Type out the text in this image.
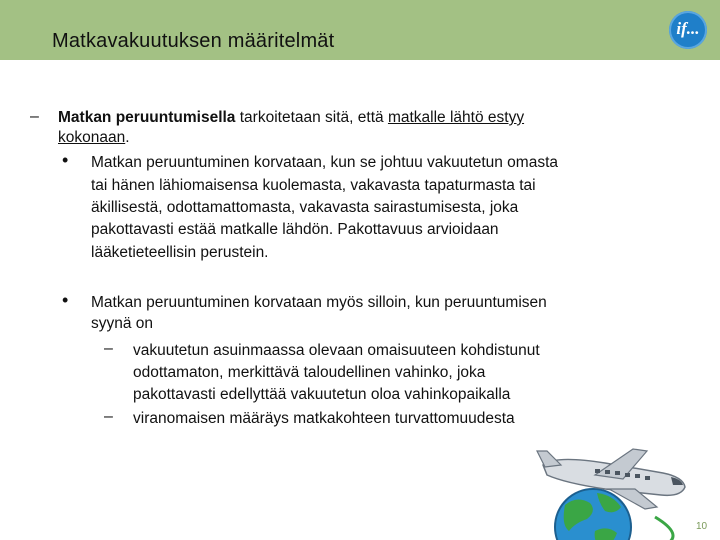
Matkavakuutuksen määritelmät
if...
– Matkan peruuntumisella tarkoitetaan sitä, että matkalle lähtö estyy
kokonaan.
• Matkan peruuntuminen korvataan, kun se johtuu vakuutetun omasta
tai hänen lähiomaisensa kuolemasta, vakavasta tapaturmasta tai
äkillisestä, odottamattomasta, vakavasta sairastumisesta, joka
pakottavasti estää matkalle lähdön. Pakottavuus arvioidaan
lääketieteellisin perustein.
• Matkan peruuntuminen korvataan myös silloin, kun peruuntumisen
syynä on
– vakuutetun asuinmaassa olevaan omaisuuteen kohdistunut
odottamaton, merkittävä taloudellinen vahinko, joka
pakottavasti edellyttää vakuutetun oloa vahinkopaikalla
– viranomaisen määräys matkakohteen turvattomuudesta
10
